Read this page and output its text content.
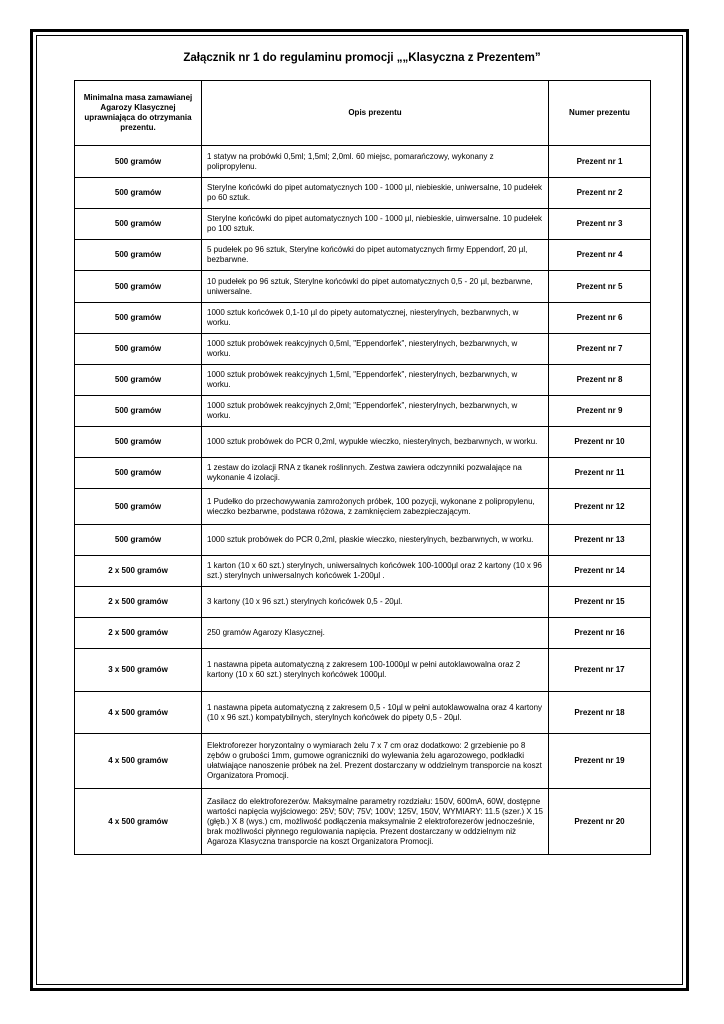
Załącznik nr 1 do regulaminu promocji „„Klasyczna z Prezentem”
Minimalna masa zamawianej Agarozy Klasycznej uprawniająca do otrzymania prezentu.	Opis prezentu	Numer prezentu
500 gramów	1 statyw na probówki 0,5ml; 1,5ml; 2,0ml. 60 miejsc, pomarańczowy, wykonany z polipropylenu.	Prezent nr 1
500 gramów	Sterylne końcówki do pipet automatycznych 100 - 1000 µl, niebieskie, uniwersalne, 10 pudełek po 60 sztuk.	Prezent nr 2
500 gramów	Sterylne końcówki do pipet automatycznych 100 - 1000 µl, niebieskie, uinwersalne. 10 pudełek po 100 sztuk.	Prezent nr 3
500 gramów	5 pudełek po 96 sztuk, Sterylne końcówki do pipet automatycznych firmy Eppendorf, 20 µl, bezbarwne.	Prezent nr 4
500 gramów	10 pudełek po 96 sztuk, Sterylne końcówki do pipet automatycznych 0,5 - 20 µl, bezbarwne, uniwersalne.	Prezent nr 5
500 gramów	1000 sztuk końcówek 0,1-10 µl do pipety automatycznej, niesterylnych, bezbarwnych, w worku.	Prezent nr 6
500 gramów	1000 sztuk probówek reakcyjnych 0,5ml, "Eppendorfek", niesterylnych, bezbarwnych, w worku.	Prezent nr 7
500 gramów	1000 sztuk probówek reakcyjnych 1,5ml, "Eppendorfek", niesterylnych, bezbarwnych, w worku.	Prezent nr 8
500 gramów	1000 sztuk probówek reakcyjnych 2,0ml; "Eppendorfek", niesterylnych, bezbarwnych, w worku.	Prezent nr 9
500 gramów	1000 sztuk probówek do PCR 0,2ml, wypukłe wieczko, niesterylnych, bezbarwnych, w worku.	Prezent nr 10
500 gramów	1 zestaw do izolacji RNA z tkanek roślinnych. Zestwa zawiera odczynniki pozwalające na wykonanie 4 izolacji.	Prezent nr 11
500 gramów	1 Pudełko do przechowywania zamrożonych próbek, 100 pozycji, wykonane z polipropylenu, wieczko bezbarwne, podstawa różowa, z zamknięciem zabezpieczającym.	Prezent nr 12
500 gramów	1000 sztuk probówek do PCR 0,2ml, płaskie wieczko, niesterylnych, bezbarwnych, w worku.	Prezent nr 13
2 x 500 gramów	1 karton (10 x 60 szt.) sterylnych, uniwersalnych końcówek 100-1000µl oraz 2 kartony (10 x 96 szt.) sterylnych uniwersalnych końcówek 1-200µl .	Prezent nr 14
2 x 500 gramów	3 kartony (10 x 96 szt.) sterylnych końcówek 0,5 - 20µl.	Prezent nr 15
2 x 500 gramów	250 gramów Agarozy Klasycznej.	Prezent nr 16
3 x 500 gramów	1 nastawna pipeta automatyczną z zakresem 100-1000µl w pełni autoklawowalna oraz 2 kartony (10 x 60 szt.) sterylnych końcówek 1000µl.	Prezent nr 17
4 x 500 gramów	1 nastawna pipeta automatyczną z zakresem 0,5 - 10µl w pełni autoklawowalna oraz 4 kartony (10 x 96 szt.) kompatybilnych, sterylnych końcówek do pipety 0,5 - 20µl.	Prezent nr 18
4 x 500 gramów	Elektroforezer horyzontalny o wymiarach żelu 7 x 7 cm oraz dodatkowo: 2 grzebienie po 8 zębów o grubości 1mm, gumowe ograniczniki do wylewania żelu agarozowego, podkładki ułatwiające nanoszenie próbek na żel. Prezent dostarczany w oddzielnym transporcie na koszt Organizatora Promocji.	Prezent nr 19
4 x 500 gramów	Zasilacz do elektroforezerów. Maksymalne parametry rozdziału: 150V, 600mA, 60W, dostępne wartości napięcia wyjściowego: 25V; 50V; 75V; 100V; 125V, 150V, WYMIARY: 11.5 (szer.) X 15 (głęb.) X 8 (wys.) cm, możliwość podłączenia maksymalnie 2 elektroforezerów jednocześnie, brak możliwości płynnego regulowania napięcia. Prezent dostarczany w oddzielnym niż Agaroza Klasyczna transporcie na koszt Organizatora Promocji.	Prezent nr 20
